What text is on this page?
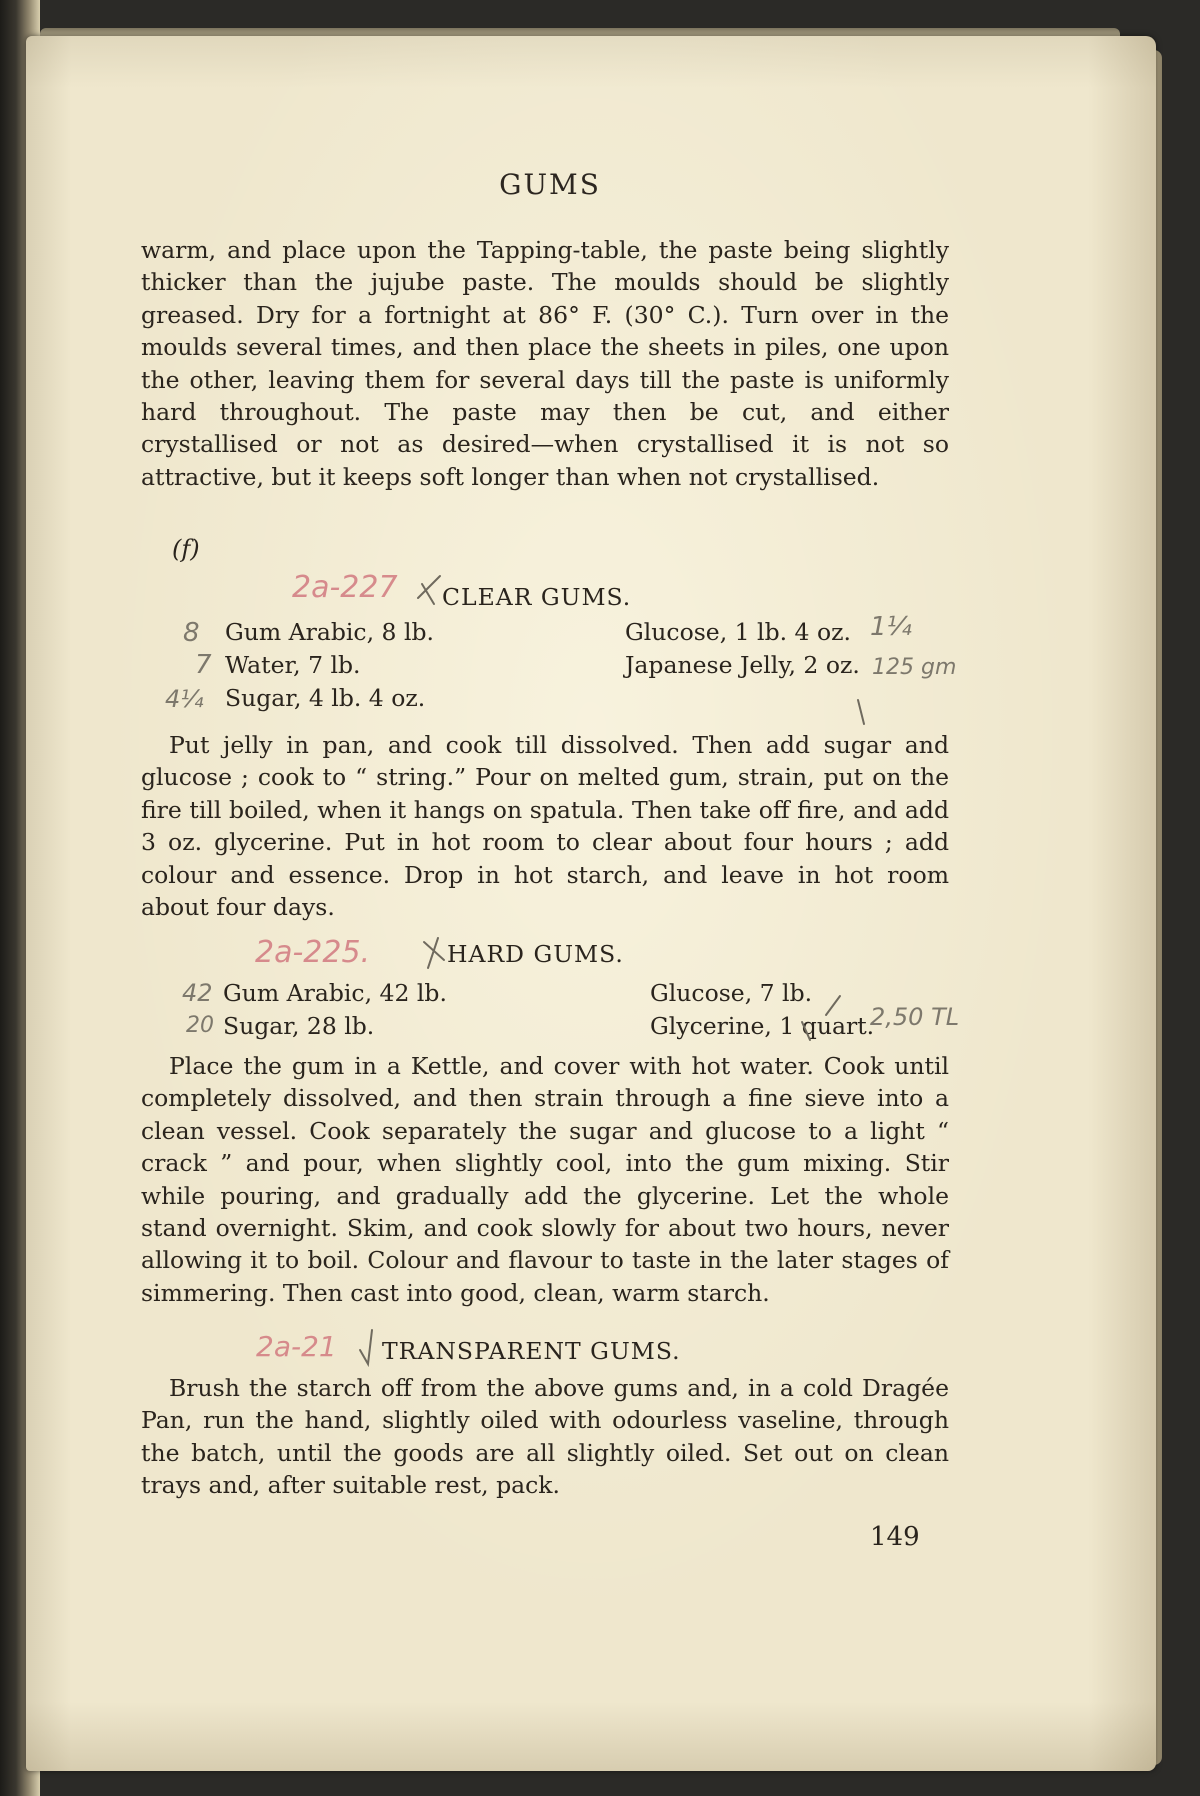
GUMS

warm, and place upon the Tapping-table, the paste being slightly thicker than the jujube paste. The moulds should be slightly greased. Dry for a fortnight at 86° F. (30° C.). Turn over in the moulds several times, and then place the sheets in piles, one upon the other, leaving them for several days till the paste is uniformly hard throughout. The paste may then be cut, and either crystallised or not as desired—when crystallised it is not so attractive, but it keeps soft longer than when not crystallised.

(f)
2a-227 CLEAR GUMS.
8
7
4¼
Gum Arabic, 8 lb.
Water, 7 lb.
Sugar, 4 lb. 4 oz.
Glucose, 1 lb. 4 oz.
Japanese Jelly, 2 oz.
1¼
125 gm

Put jelly in pan, and cook till dissolved. Then add sugar and glucose ; cook to “ string.” Pour on melted gum, strain, put on the fire till boiled, when it hangs on spatula. Then take off fire, and add 3 oz. glycerine. Put in hot room to clear about four hours ; add colour and essence. Drop in hot starch, and leave in hot room about four days.

2a-225.	HARD GUMS.
42
20
Gum Arabic, 42 lb.
Sugar, 28 lb.
Glucose, 7 lb.
Glycerine, 1 quart.
2,50 TL

Place the gum in a Kettle, and cover with hot water. Cook until completely dissolved, and then strain through a fine sieve into a clean vessel. Cook separately the sugar and glucose to a light “ crack ” and pour, when slightly cool, into the gum mixing. Stir while pouring, and gradually add the glycerine. Let the whole stand overnight. Skim, and cook slowly for about two hours, never allowing it to boil. Colour and flavour to taste in the later stages of simmering. Then cast into good, clean, warm starch.

2a-21 TRANSPARENT GUMS.

Brush the starch off from the above gums and, in a cold Dragée Pan, run the hand, slightly oiled with odourless vaseline, through the batch, until the goods are all slightly oiled. Set out on clean trays and, after suitable rest, pack.

149
